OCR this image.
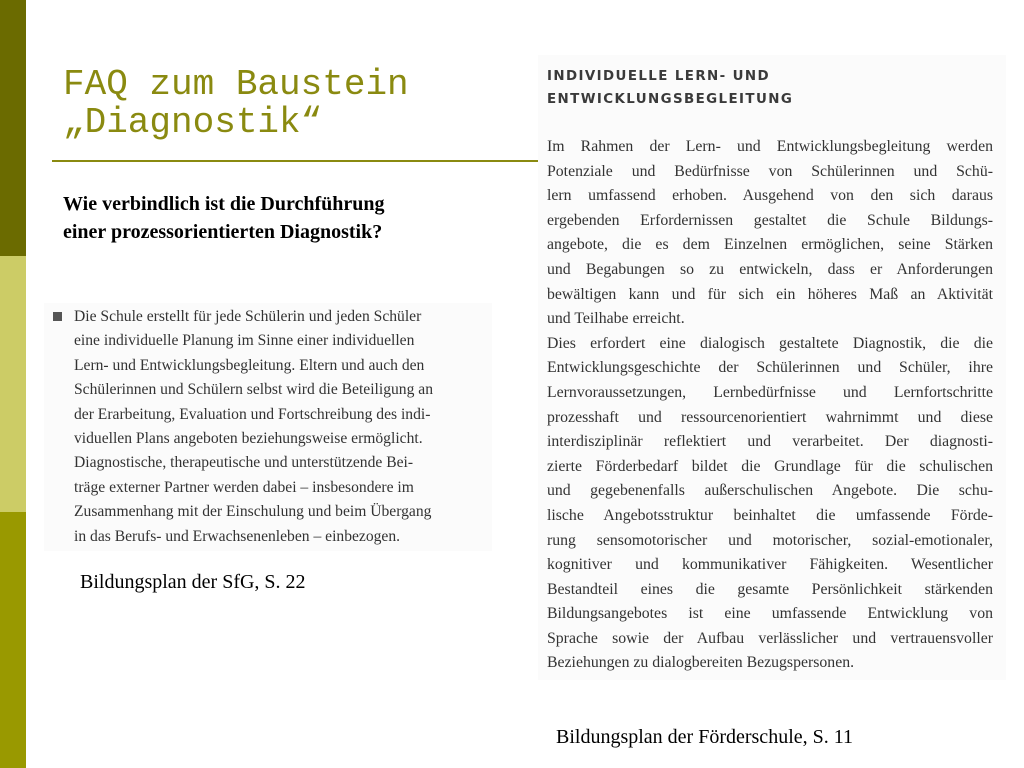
FAQ zum Baustein
„Diagnostik“
Wie verbindlich ist die Durchführung
einer prozessorientierten Diagnostik?
Die Schule erstellt für jede Schülerin und jeden Schüler
eine individuelle Planung im Sinne einer individuellen
Lern- und Entwicklungsbegleitung. Eltern und auch den
Schülerinnen und Schülern selbst wird die Beteiligung an
der Erarbeitung, Evaluation und Fortschreibung des indi-
viduellen Plans angeboten beziehungsweise ermöglicht.
Diagnostische, therapeutische und unterstützende Bei-
träge externer Partner werden dabei – insbesondere im
Zusammenhang mit der Einschulung und beim Übergang
in das Berufs- und Erwachsenenleben – einbezogen.
Bildungsplan der SfG, S. 22
INDIVIDUELLE LERN- UND
ENTWICKLUNGSBEGLEITUNG
Im Rahmen der Lern- und Entwicklungsbegleitung werden
Potenziale und Bedürfnisse von Schülerinnen und Schü-
lern umfassend erhoben. Ausgehend von den sich daraus
ergebenden Erfordernissen gestaltet die Schule Bildungs-
angebote, die es dem Einzelnen ermöglichen, seine Stärken
und Begabungen so zu entwickeln, dass er Anforderungen
bewältigen kann und für sich ein höheres Maß an Aktivität
und Teilhabe erreicht.
Dies erfordert eine dialogisch gestaltete Diagnostik, die die
Entwicklungsgeschichte der Schülerinnen und Schüler, ihre
Lernvoraussetzungen, Lernbedürfnisse und Lernfortschritte
prozesshaft und ressourcenorientiert wahrnimmt und diese
interdisziplinär reflektiert und verarbeitet. Der diagnosti-
zierte Förderbedarf bildet die Grundlage für die schulischen
und gegebenenfalls außerschulischen Angebote. Die schu-
lische Angebotsstruktur beinhaltet die umfassende Förde-
rung sensomotorischer und motorischer, sozial-emotionaler,
kognitiver und kommunikativer Fähigkeiten. Wesentlicher
Bestandteil eines die gesamte Persönlichkeit stärkenden
Bildungsangebotes ist eine umfassende Entwicklung von
Sprache sowie der Aufbau verlässlicher und vertrauensvoller
Beziehungen zu dialogbereiten Bezugspersonen.
Bildungsplan der Förderschule, S. 11
